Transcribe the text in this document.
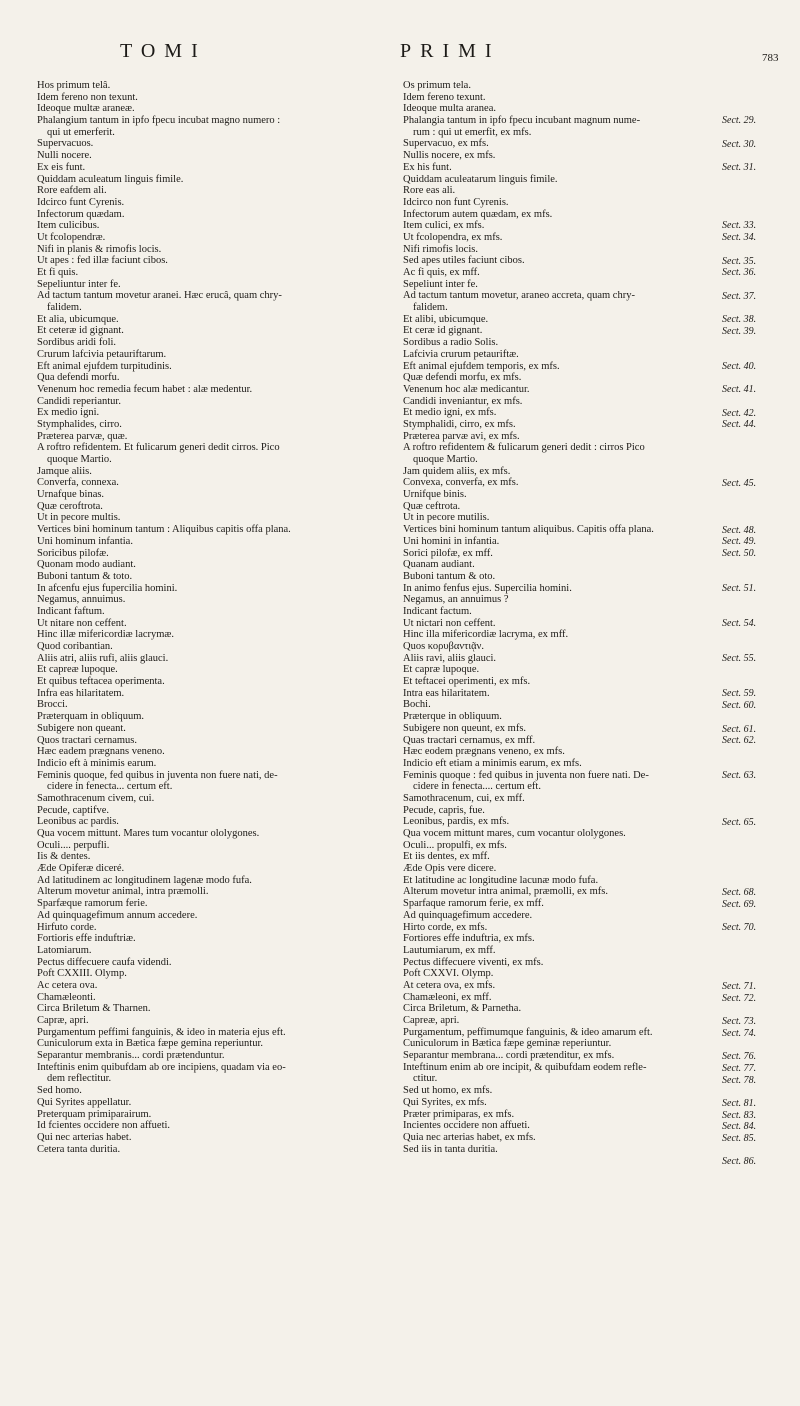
TOMI	PRIMI	783
Hos primum telâ.
Idem fereno non texunt.
Ideoque multæ araneæ.
Phalangium tantum in ipfo fpecu incubat magno numero :
qui ut emerferit.
Supervacuos.
Nulli nocere.
Ex eis funt.
Quiddam aculeatum linguis fimile.
Rore eafdem ali.
Idcirco funt Cyrenis.
Infectorum quædam.
Item culicibus.
Ut fcolopendræ.
Nifi in planis & rimofis locis.
Ut apes : fed illæ faciunt cibos.
Et fi quis.
Sepeliuntur inter fe.
Ad tactum tantum movetur aranei. Hæc erucâ, quam chry-
falidem.
Et alia, ubicumque.
Et ceteræ id gignant.
Sordibus aridi foli.
Crurum lafcivia petauriftarum.
Eft animal ejufdem turpitudinis.
Qua defendi morfu.
Venenum hoc remedia fecum habet : alæ medentur.
Candidi reperiantur.
Ex medio igni.
Stymphalides, cirro.
Præterea parvæ, quæ.
A roftro refidentem. Et fulicarum generi dedit cirros. Pico
quoque Martio.
Jamque aliis.
Converfa, connexa.
Urnafque binas.
Quæ ceroftrota.
Ut in pecore multis.
Vertices bini hominum tantum : Aliquibus capitis offa plana.
Uni hominum infantia.
Soricibus pilofæ.
Quonam modo audiant.
Buboni tantum & toto.
In afcenfu ejus fupercilia homini.
Negamus, annuimus.
Indicant faftum.
Ut nitare non ceffent.
Hinc illæ mifericordiæ lacrymæ.
Quod coribantian.
Aliis atri, aliis rufi, aliis glauci.
Et capreæ lupoque.
Et quibus teftacea operimenta.
Infra eas hilaritatem.
Brocci.
Præterquam in obliquum.
Subigere non queant.
Quos tractari cernamus.
Hæc eadem prægnans veneno.
Indicio eft à minimis earum.
Feminis quoque, fed quibus in juventa non fuere nati, de-
cidere in fenecta... certum eft.
Samothracenum civem, cui.
Pecude, captifve.
Leonibus ac pardis.
Qua vocem mittunt. Mares tum vocantur ololygones.
Oculi.... perpufli.
Iis & dentes.
Æde Opiferæ diceré.
Ad latitudinem ac longitudinem lagenæ modo fufa.
Alterum movetur animal, intra præmolli.
Sparfæque ramorum ferie.
Ad quinquagefimum annum accedere.
Hirfuto corde.
Fortioris effe induftriæ.
Latomiarum.
Pectus diffecuere caufa videndi.
Poft CXXIII. Olymp.
Ac cetera ova.
Chamæleonti.
Circa Briletum & Tharnen.
Capræ, apri.
Purgamentum peffimi fanguinis, & ideo in materia ejus eft.
Cuniculorum exta in Bætica fæpe gemina reperiuntur.
Separantur membranis... cordi prætenduntur.
Inteftinis enim quibufdam ab ore incipiens, quadam via eo-
dem reflectitur.
Sed homo.
Qui Syrites appellatur.
Preterquam primiparairum.
Id fcientes occidere non affueti.
Qui nec arterias habet.
Cetera tanta duritia.
Os primum tela.
Idem fereno texunt.
Ideoque multa aranea.
Phalangia tantum in ipfo fpecu incubant magnum nume-
rum : qui ut emerfit, ex mfs.
Supervacuo, ex mfs.
Nullis nocere, ex mfs.
Ex his funt.
Quiddam aculeatarum linguis fimile.
Rore eas ali.
Idcirco non funt Cyrenis.
Infectorum autem quædam, ex mfs.
Item culici, ex mfs.
Ut fcolopendra, ex mfs.
Nifi rimofis locis.
Sed apes utiles faciunt cibos.
Ac fi quis, ex mff.
Sepeliunt inter fe.
Ad tactum tantum movetur, araneo accreta, quam chry-
falidem.
Et alibi, ubicumque.
Et ceræ id gignant.
Sordibus a radio Solis.
Lafcivia crurum petauriftæ.
Eft animal ejufdem temporis, ex mfs.
Quæ defendi morfu, ex mfs.
Venenum hoc alæ medicantur.
Candidi inveniantur, ex mfs.
Et medio igni, ex mfs.
Stymphalidi, cirro, ex mfs.
Præterea parvæ avi, ex mfs.
A roftro refidentem & fulicarum generi dedit : cirros Pico
quoque Martio.
Jam quidem aliis, ex mfs.
Convexa, converfa, ex mfs.
Urnifque binis.
Quæ ceftrota.
Ut in pecore mutilis.
Vertices bini hominum tantum aliquibus. Capitis offa plana.
Uni homini in infantia.
Sorici pilofæ, ex mff.
Quanam audiant.
Buboni tantum & oto.
In animo fenfus ejus. Supercilia homini.
Negamus, an annuimus ?
Indicant factum.
Ut nictari non ceffent.
Hinc illa mifericordiæ lacryma, ex mff.
Quos κορυβαντιᾷν.
Aliis ravi, aliis glauci.
Et capræ lupoque.
Et teftacei operimenti, ex mfs.
Intra eas hilaritatem.
Bochi.
Præterque in obliquum.
Subigere non queunt, ex mfs.
Quas tractari cernamus, ex mff.
Hæc eodem prægnans veneno, ex mfs.
Indicio eft etiam a minimis earum, ex mfs.
Feminis quoque : fed quibus in juventa non fuere nati. De-
cidere in fenecta.... certum eft.
Samothracenum, cui, ex mff.
Pecude, capris, fue.
Leonibus, pardis, ex mfs.
Qua vocem mittunt mares, cum vocantur ololygones.
Oculi... propulfi, ex mfs.
Et iis dentes, ex mff.
Æde Opis vere dicere.
Et latitudine ac longitudine lacunæ modo fufa.
Alterum movetur intra animal, præmolli, ex mfs.
Sparfaque ramorum ferie, ex mff.
Ad quinquagefimum accedere.
Hirto corde, ex mfs.
Fortiores effe induftria, ex mfs.
Lautumiarum, ex mff.
Pectus diffecuere viventi, ex mfs.
Poft CXXVI. Olymp.
At cetera ova, ex mfs.
Chamæleoni, ex mff.
Circa Briletum, & Parnetha.
Capreæ, apri.
Purgamentum, peffimumque fanguinis, & ideo amarum eft.
Cuniculorum in Bætica fæpe geminæ reperiuntur.
Separantur membrana... cordi prætenditur, ex mfs.
Inteftinum enim ab ore incipit, & quibufdam eodem refle-
ctitur.
Sed ut homo, ex mfs.
Qui Syrites, ex mfs.
Præter primiparas, ex mfs.
Incientes occidere non affueti.
Quia nec arterias habet, ex mfs.
Sed iis in tanta duritia.
Sect. 29.
Sect. 30.
Sect. 31.
Sect. 33.
Sect. 34.
Sect. 35.
Sect. 36.
Sect. 37.
Sect. 38.
Sect. 39.
Sect. 40.
Sect. 41.
Sect. 42.
Sect. 44.
Sect. 45.
Sect. 48.
Sect. 49.
Sect. 50.
Sect. 51.
Sect. 54.
Sect. 55.
Sect. 59.
Sect. 60.
Sect. 61.
Sect. 62.
Sect. 63.
Sect. 65.
Sect. 68.
Sect. 69.
Sect. 70.
Sect. 71.
Sect. 72.
Sect. 73.
Sect. 74.
Sect. 76.
Sect. 77.
Sect. 78.
Sect. 81.
Sect. 83.
Sect. 84.
Sect. 85.
Sect. 86.
